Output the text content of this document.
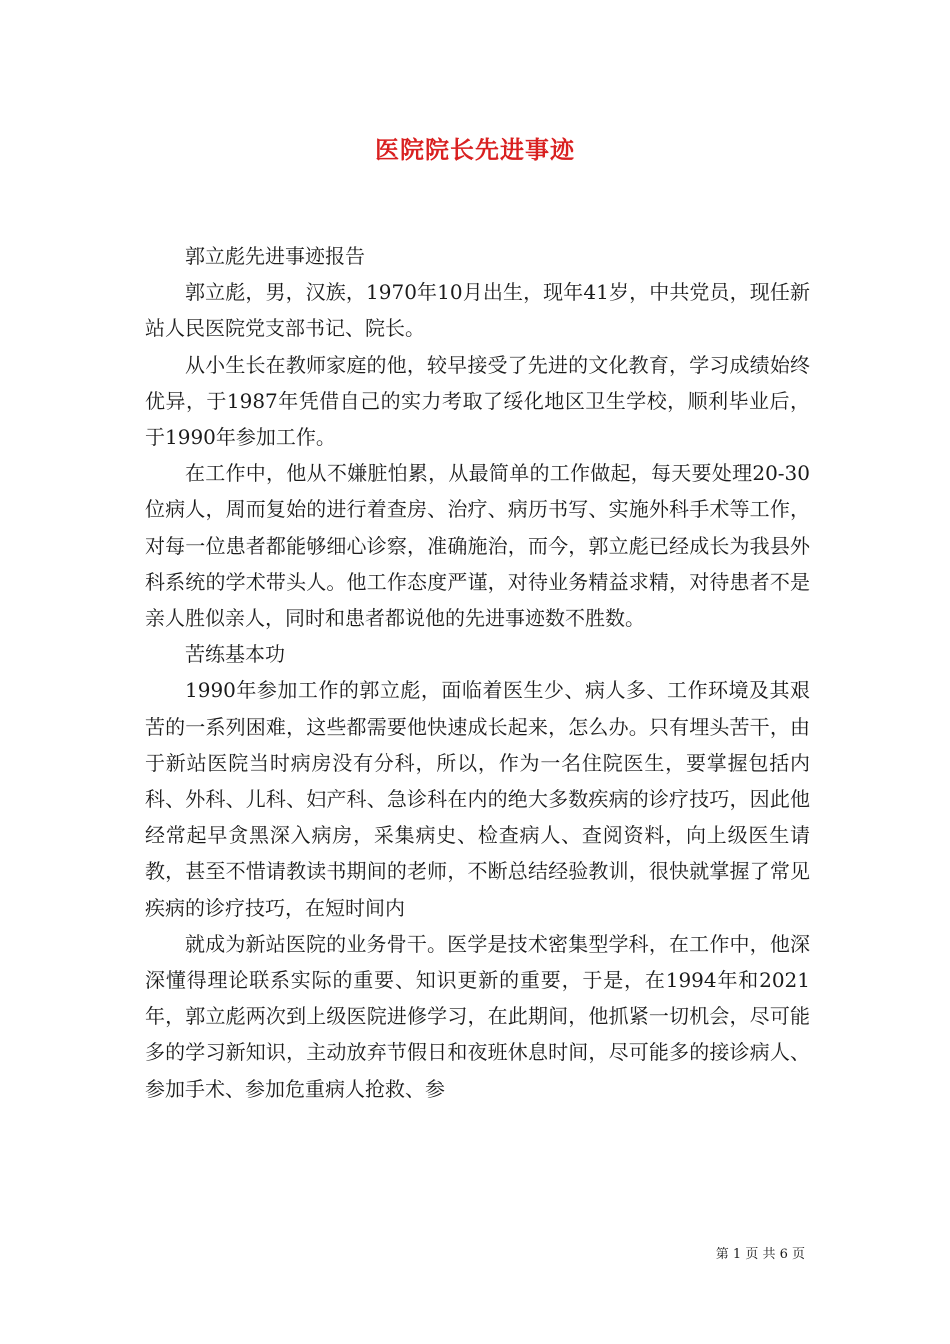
医院院长先进事迹

郭立彪先进事迹报告

郭立彪，男，汉族，1970年10月出生，现年41岁，中共党员，现任新站人民医院党支部书记、院长。

从小生长在教师家庭的他，较早接受了先进的文化教育，学习成绩始终优异，于1987年凭借自己的实力考取了绥化地区卫生学校，顺利毕业后，于1990年参加工作。

在工作中，他从不嫌脏怕累，从最简单的工作做起，每天要处理20-30位病人，周而复始的进行着查房、治疗、病历书写、实施外科手术等工作，对每一位患者都能够细心诊察，准确施治，而今，郭立彪已经成长为我县外科系统的学术带头人。他工作态度严谨，对待业务精益求精，对待患者不是亲人胜似亲人，同时和患者都说他的先进事迹数不胜数。

苦练基本功

1990年参加工作的郭立彪，面临着医生少、病人多、工作环境及其艰苦的一系列困难，这些都需要他快速成长起来，怎么办。只有埋头苦干，由于新站医院当时病房没有分科，所以，作为一名住院医生，要掌握包括内科、外科、儿科、妇产科、急诊科在内的绝大多数疾病的诊疗技巧，因此他经常起早贪黑深入病房，采集病史、检查病人、查阅资料，向上级医生请教，甚至不惜请教读书期间的老师，不断总结经验教训，很快就掌握了常见疾病的诊疗技巧，在短时间内

就成为新站医院的业务骨干。医学是技术密集型学科，在工作中，他深深懂得理论联系实际的重要、知识更新的重要，于是，在1994年和2021年，郭立彪两次到上级医院进修学习，在此期间，他抓紧一切机会，尽可能多的学习新知识，主动放弃节假日和夜班休息时间，尽可能多的接诊病人、参加手术、参加危重病人抢救、参

第 1 页 共 6 页
